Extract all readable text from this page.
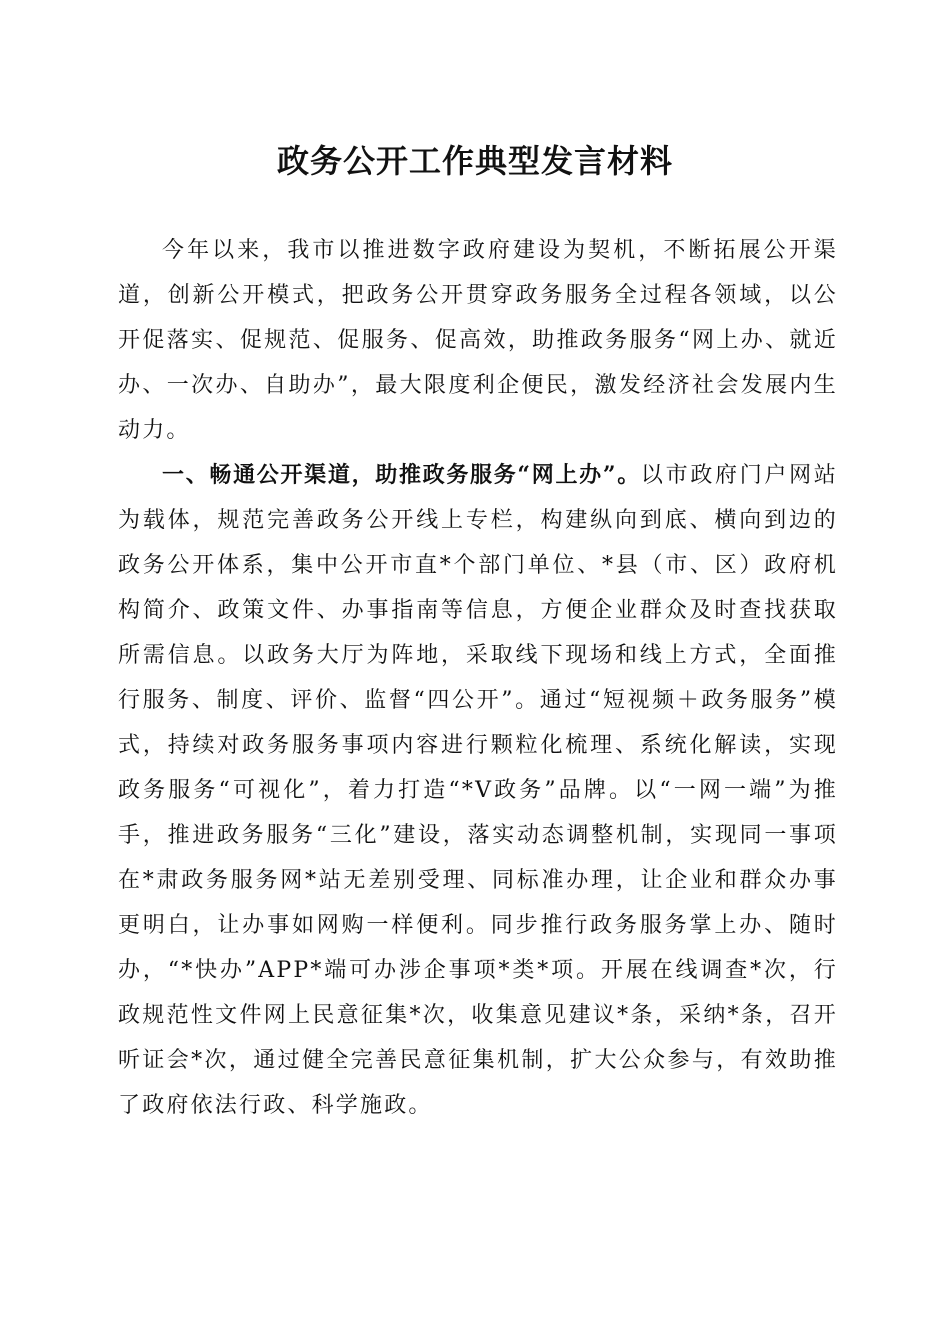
政务公开工作典型发言材料

今年以来，我市以推进数字政府建设为契机，不断拓展公开渠道，创新公开模式，把政务公开贯穿政务服务全过程各领域，以公开促落实、促规范、促服务、促高效，助推政务服务“网上办、就近办、一次办、自助办”，最大限度利企便民，激发经济社会发展内生动力。

一、畅通公开渠道，助推政务服务“网上办”。以市政府门户网站为载体，规范完善政务公开线上专栏，构建纵向到底、横向到边的政务公开体系，集中公开市直*个部门单位、*县（市、区）政府机构简介、政策文件、办事指南等信息，方便企业群众及时查找获取所需信息。以政务大厅为阵地，采取线下现场和线上方式，全面推行服务、制度、评价、监督“四公开”。通过“短视频＋政务服务”模式，持续对政务服务事项内容进行颗粒化梳理、系统化解读，实现政务服务“可视化”，着力打造“*V政务”品牌。以“一网一端”为推手，推进政务服务“三化”建设，落实动态调整机制，实现同一事项在*肃政务服务网*站无差别受理、同标准办理，让企业和群众办事更明白，让办事如网购一样便利。同步推行政务服务掌上办、随时办，“*快办”APP*端可办涉企事项*类*项。开展在线调查*次，行政规范性文件网上民意征集*次，收集意见建议*条，采纳*条，召开听证会*次，通过健全完善民意征集机制，扩大公众参与，有效助推了政府依法行政、科学施政。
